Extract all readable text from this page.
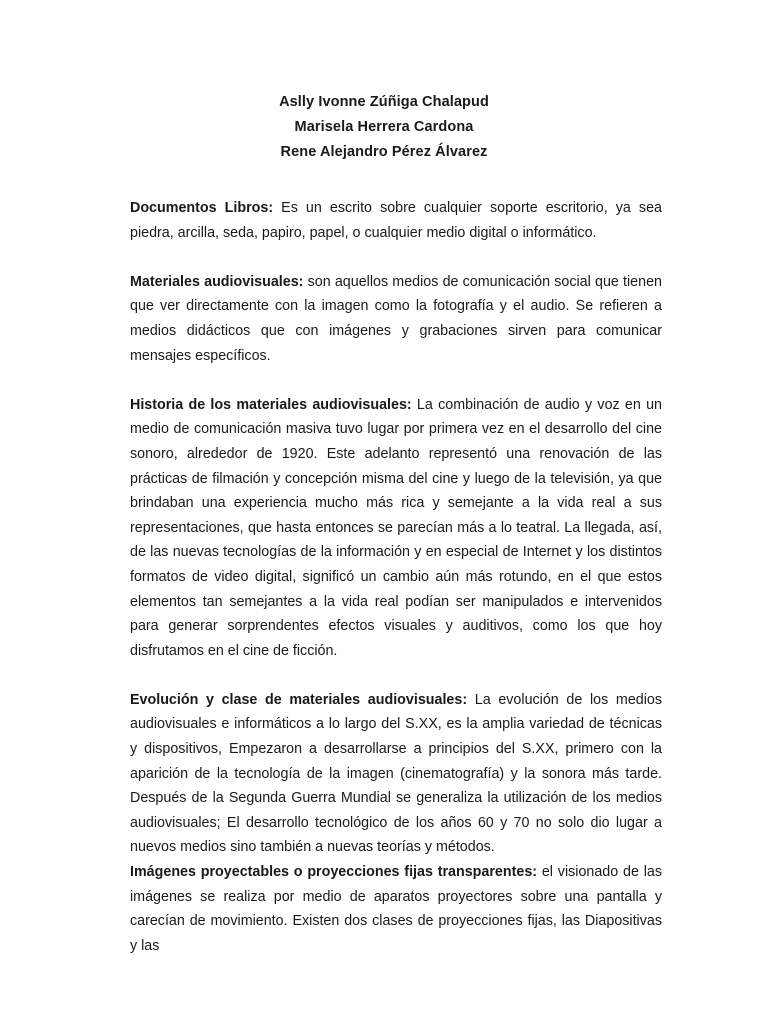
Aslly Ivonne Zúñiga Chalapud
Marisela Herrera Cardona
Rene Alejandro Pérez Álvarez

Documentos Libros: Es un escrito sobre cualquier soporte escritorio, ya sea piedra, arcilla, seda, papiro, papel, o cualquier medio digital o informático.

Materiales audiovisuales: son aquellos medios de comunicación social que tienen que ver directamente con la imagen como la fotografía y el audio. Se refieren a medios didácticos que con imágenes y grabaciones sirven para comunicar mensajes específicos.

Historia de los materiales audiovisuales: La combinación de audio y voz en un medio de comunicación masiva tuvo lugar por primera vez en el desarrollo del cine sonoro, alrededor de 1920. Este adelanto representó una renovación de las prácticas de filmación y concepción misma del cine y luego de la televisión, ya que brindaban una experiencia mucho más rica y semejante a la vida real a sus representaciones, que hasta entonces se parecían más a lo teatral. La llegada, así, de las nuevas tecnologías de la información y en especial de Internet y los distintos formatos de video digital, significó un cambio aún más rotundo, en el que estos elementos tan semejantes a la vida real podían ser manipulados e intervenidos para generar sorprendentes efectos visuales y auditivos, como los que hoy disfrutamos en el cine de ficción.

Evolución y clase de materiales audiovisuales: La evolución de los medios audiovisuales e informáticos a lo largo del S.XX, es la amplia variedad de técnicas y dispositivos, Empezaron a desarrollarse a principios del S.XX, primero con la aparición de la tecnología de la imagen (cinematografía) y la sonora más tarde. Después de la Segunda Guerra Mundial se generaliza la utilización de los medios audiovisuales; El desarrollo tecnológico de los años 60 y 70 no solo dio lugar a nuevos medios sino también a nuevas teorías y métodos.

Imágenes proyectables o proyecciones fijas transparentes: el visionado de las imágenes se realiza por medio de aparatos proyectores sobre una pantalla y carecían de movimiento. Existen dos clases de proyecciones fijas, las Diapositivas y las
